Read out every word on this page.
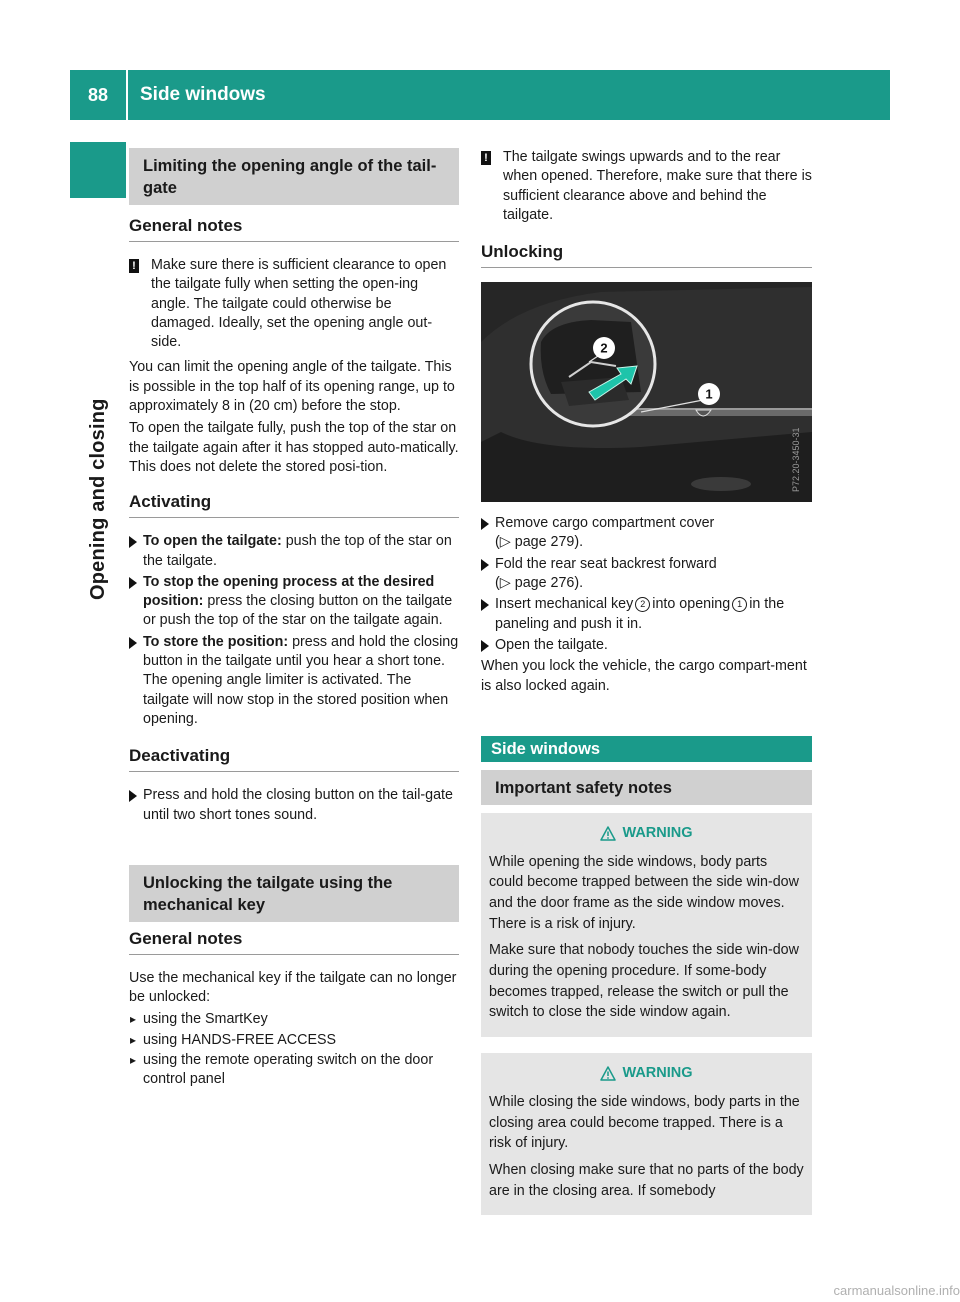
88	Side windows
Opening and closing
Limiting the opening angle of the tail-gate
General notes
!	Make sure there is sufficient clearance to open the tailgate fully when setting the open-ing angle. The tailgate could otherwise be damaged. Ideally, set the opening angle out-side.

You can limit the opening angle of the tailgate. This is possible in the top half of its opening range, up to approximately 8 in (20 cm) before the stop.

To open the tailgate fully, push the top of the star on the tailgate again after it has stopped auto-matically. This does not delete the stored posi-tion.

Activating
To open the tailgate: push the top of the star on the tailgate.
To stop the opening process at the desired position: press the closing button on the tailgate or push the top of the star on the tailgate again.
To store the position: press and hold the closing button in the tailgate until you hear a short tone.
The opening angle limiter is activated. The tailgate will now stop in the stored position when opening.
Deactivating
Press and hold the closing button on the tail-gate until two short tones sound.
Unlocking the tailgate using the mechanical key
General notes

Use the mechanical key if the tailgate can no longer be unlocked:

▸ using the SmartKey
▸ using HANDS-FREE ACCESS
▸ using the remote operating switch on the door control panel
!	The tailgate swings upwards and to the rear when opened. Therefore, make sure that there is sufficient clearance above and behind the tailgate.
Unlocking
2
1
P72.20-3450-31
Remove cargo compartment cover
(▷ page 279).
Fold the rear seat backrest forward
(▷ page 276).
Insert mechanical key 2 into opening 1 in the paneling and push it in.
Open the tailgate.

When you lock the vehicle, the cargo compart-ment is also locked again.

Side windows
Important safety notes
WARNING

While opening the side windows, body parts could become trapped between the side win-dow and the door frame as the side window moves. There is a risk of injury.

Make sure that nobody touches the side win-dow during the opening procedure. If some-body becomes trapped, release the switch or pull the switch to close the side window again.

WARNING

While closing the side windows, body parts in the closing area could become trapped. There is a risk of injury.

When closing make sure that no parts of the body are in the closing area. If somebody

carmanualsonline.info
